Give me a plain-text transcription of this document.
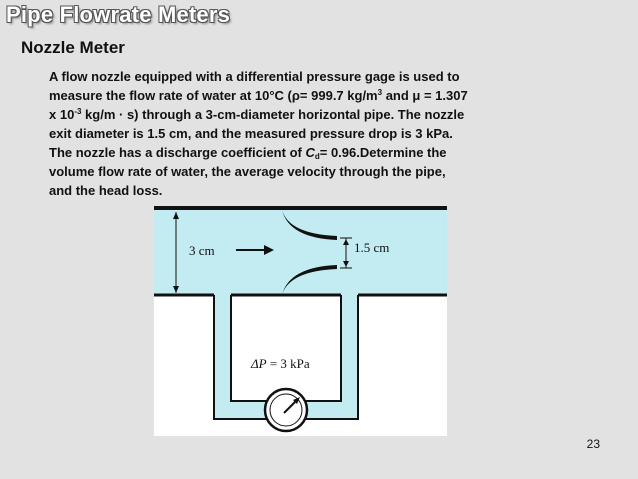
Pipe Flowrate Meters
Nozzle Meter
A flow nozzle equipped with a differential pressure gage is used to
measure the flow rate of water at 10°C (ρ= 999.7 $kg/m^3$ and μ = 1.307
x $10^{-3}$ kg/m · s) through a 3-cm-diameter horizontal pipe. The nozzle
exit diameter is 1.5 cm, and the measured pressure drop is 3 kPa.
The nozzle has a discharge coefficient of $C_d=$ 0.96.Determine the
volume flow rate of water, the average velocity through the pipe,
and the head loss.
3 cm	1.5 cm
ΔP = 3 kPa
23
